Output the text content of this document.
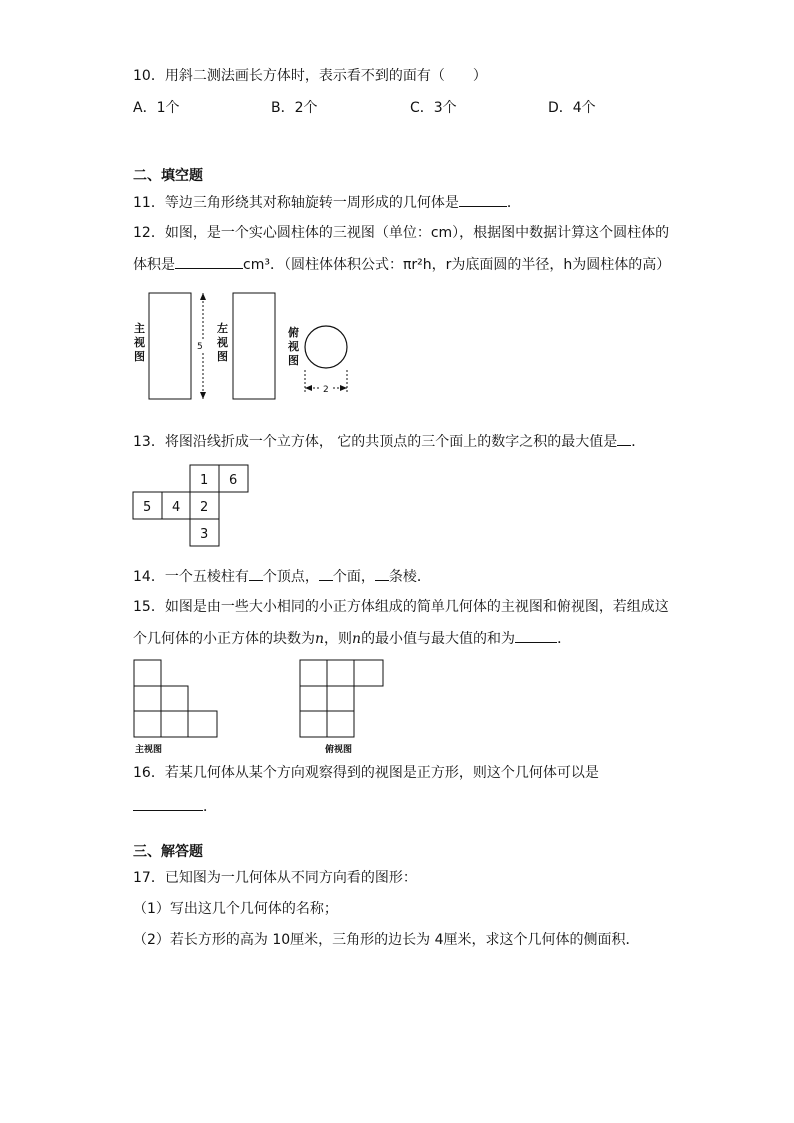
10．用斜二测法画长方体时，表示看不到的面有（　　）
A．1个	B．2个	C．3个	D．4个
二、填空题
11．等边三角形绕其对称轴旋转一周形成的几何体是	．
12．如图，是一个实心圆柱体的三视图（单位：cm），根据图中数据计算这个圆柱体的
体积是	cm³．（圆柱体体积公式：πr²h，r为底面圆的半径，h为圆柱体的高）
主
视
图
5
左
视
图
俯
视
图
2
13．将图沿线折成一个立方体， 它的共顶点的三个面上的数字之积的最大值是 ．
1 6
5 4 2
3
14．一个五棱柱有 个顶点， 个面， 条棱．
15．如图是由一些大小相同的小正方体组成的简单几何体的主视图和俯视图，若组成这
个几何体的小正方体的块数为n，则n的最小值与最大值的和为	．
主视图	俯视图
16．若某几何体从某个方向观察得到的视图是正方形，则这个几何体可以是
．
三、解答题
17．已知图为一几何体从不同方向看的图形：
（1）写出这几个几何体的名称；
（2）若长方形的高为 10厘米，三角形的边长为 4厘米，求这个几何体的侧面积．
